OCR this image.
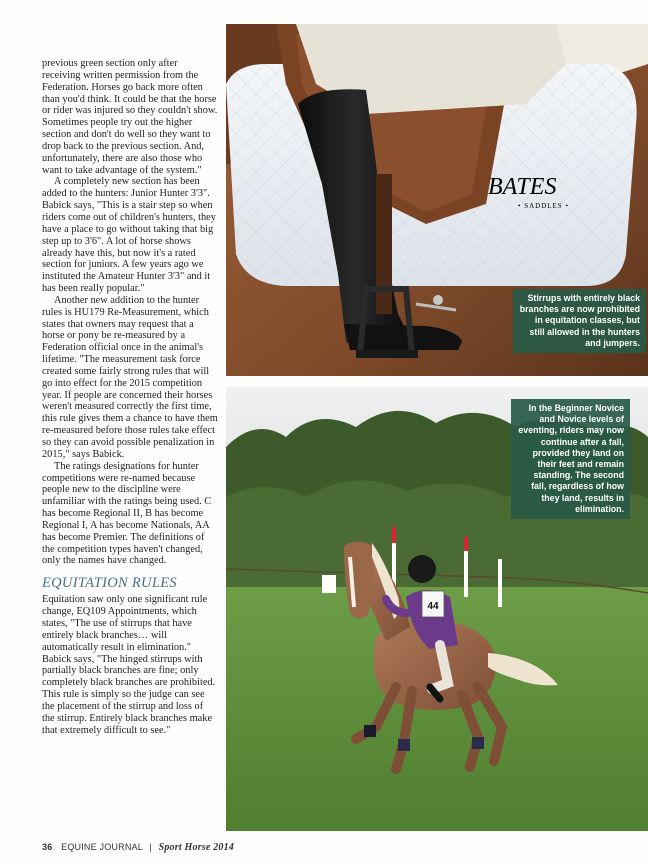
previous green section only after receiving written permission from the Federation. Horses go back more often than you'd think. It could be that the horse or rider was injured so they couldn't show. Sometimes people try out the higher section and don't do well so they want to drop back to the previous section. And, unfortunately, there are also those who want to take advantage of the system."

A completely new section has been added to the hunters: Junior Hunter 3'3". Babick says, "This is a stair step so when riders come out of children's hunters, they have a place to go without taking that big step up to 3'6". A lot of horse shows already have this, but now it's a rated section for juniors. A few years ago we instituted the Amateur Hunter 3'3" and it has been really popular."

Another new addition to the hunter rules is HU179 Re-Measurement, which states that owners may request that a horse or pony be re-measured by a Federation official once in the animal's lifetime. "The measurement task force created some fairly strong rules that will go into effect for the 2015 competition year. If people are concerned their horses weren't measured correctly the first time, this rule gives them a chance to have them re-measured before those rules take effect so they can avoid possible penalization in 2015," says Babick.

The ratings designations for hunter competitions were re-named because people new to the discipline were unfamiliar with the ratings being used. C has become Regional II, B has become Regional I, A has become Nationals, AA has become Premier. The definitions of the competition types haven't changed, only the names have changed.

EQUITATION RULES

Equitation saw only one significant rule change, EQ109 Appointments, which states, "The use of stirrups that have entirely black branches… will automatically result in elimination." Babick says, "The hinged stirrups with partially black branches are fine; only completely black branches are prohibited. This rule is simply so the judge can see the placement of the stirrup and loss of the stirrup. Entirely black branches make that extremely difficult to see."

BATES
• SADDLES •
Stirrups with entirely black branches are now prohibited in equitation classes, but still allowed in the hunters and jumpers.
44
In the Beginner Novice and Novice levels of eventing, riders may now continue after a fall, provided they land on their feet and remain standing. The second fall, regardless of how they land, results in elimination.
36 EQUINE JOURNAL | Sport Horse 2014
